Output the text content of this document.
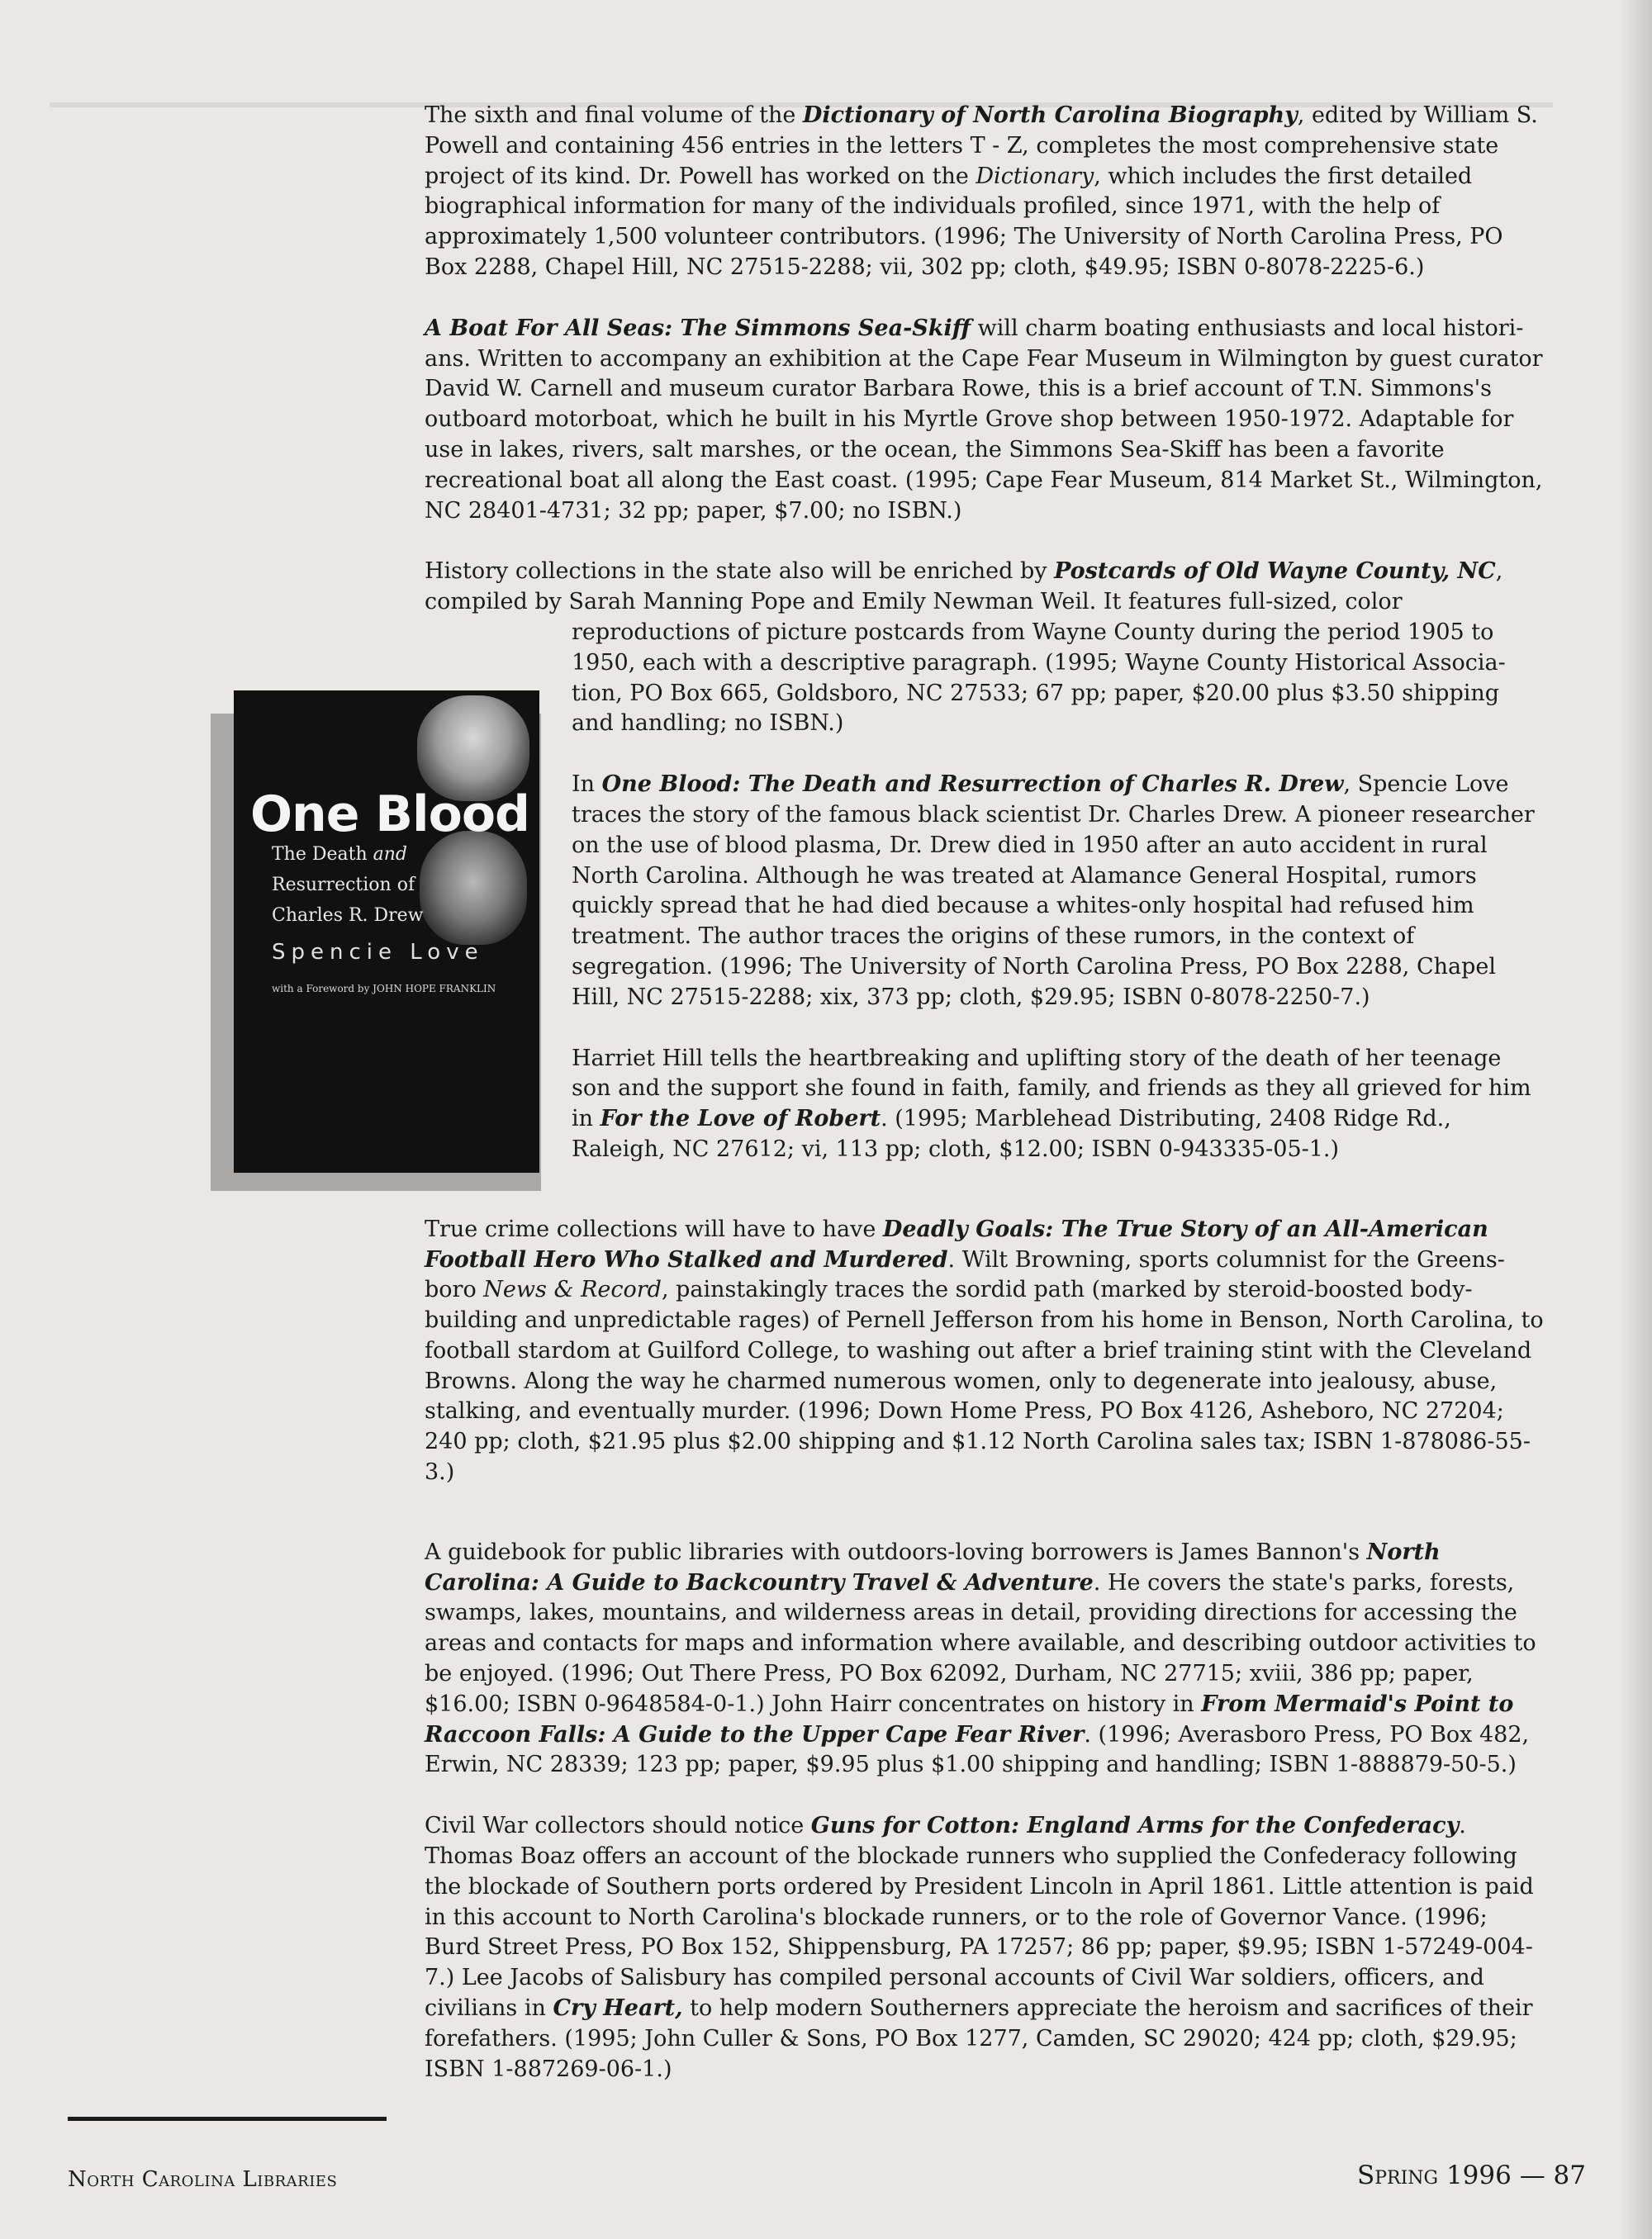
The sixth and final volume of the Dictionary of North Carolina Biography, edited by William S. Powell and containing 456 entries in the letters T - Z, completes the most comprehensive state project of its kind. Dr. Powell has worked on the Dictionary, which includes the first detailed biographical information for many of the individuals profiled, since 1971, with the help of approximately 1,500 volunteer contributors. (1996; The University of North Carolina Press, PO Box 2288, Chapel Hill, NC 27515-2288; vii, 302 pp; cloth, $49.95; ISBN 0-8078-2225-6.)

A Boat For All Seas: The Simmons Sea-Skiff will charm boating enthusiasts and local historians. Written to accompany an exhibition at the Cape Fear Museum in Wilmington by guest curator David W. Carnell and museum curator Barbara Rowe, this is a brief account of T.N. Simmons's outboard motorboat, which he built in his Myrtle Grove shop between 1950-1972. Adaptable for use in lakes, rivers, salt marshes, or the ocean, the Simmons Sea-Skiff has been a favorite recreational boat all along the East coast. (1995; Cape Fear Museum, 814 Market St., Wilmington, NC 28401-4731; 32 pp; paper, $7.00; no ISBN.)

History collections in the state also will be enriched by Postcards of Old Wayne County, NC, compiled by Sarah Manning Pope and Emily Newman Weil. It features full-sized, color
reproductions of picture postcards from Wayne County during the period 1905 to 1950, each with a descriptive paragraph. (1995; Wayne County Historical Association, PO Box 665, Goldsboro, NC 27533; 67 pp; paper, $20.00 plus $3.50 shipping and handling; no ISBN.)

In One Blood: The Death and Resurrection of Charles R. Drew, Spencie Love traces the story of the famous black scientist Dr. Charles Drew. A pioneer researcher on the use of blood plasma, Dr. Drew died in 1950 after an auto accident in rural North Carolina. Although he was treated at Alamance General Hospital, rumors quickly spread that he had died because a whites-only hospital had refused him treatment. The author traces the origins of these rumors, in the context of segregation. (1996; The University of North Carolina Press, PO Box 2288, Chapel Hill, NC 27515-2288; xix, 373 pp; cloth, $29.95; ISBN 0-8078-2250-7.)

Harriet Hill tells the heartbreaking and uplifting story of the death of her teenage son and the support she found in faith, family, and friends as they all grieved for him in For the Love of Robert. (1995; Marblehead Distributing, 2408 Ridge Rd., Raleigh, NC 27612; vi, 113 pp; cloth, $12.00; ISBN 0-943335-05-1.)

True crime collections will have to have Deadly Goals: The True Story of an All-American Football Hero Who Stalked and Murdered. Wilt Browning, sports columnist for the Greensboro News & Record, painstakingly traces the sordid path (marked by steroid-boosted bodybuilding and unpredictable rages) of Pernell Jefferson from his home in Benson, North Carolina, to football stardom at Guilford College, to washing out after a brief training stint with the Cleveland Browns. Along the way he charmed numerous women, only to degenerate into jealousy, abuse, stalking, and eventually murder. (1996; Down Home Press, PO Box 4126, Asheboro, NC 27204; 240 pp; cloth, $21.95 plus $2.00 shipping and $1.12 North Carolina sales tax; ISBN 1-878086-55-3.)

A guidebook for public libraries with outdoors-loving borrowers is James Bannon's North Carolina: A Guide to Backcountry Travel & Adventure. He covers the state's parks, forests, swamps, lakes, mountains, and wilderness areas in detail, providing directions for accessing the areas and contacts for maps and information where available, and describing outdoor activities to be enjoyed. (1996; Out There Press, PO Box 62092, Durham, NC 27715; xviii, 386 pp; paper, $16.00; ISBN 0-9648584-0-1.) John Hairr concentrates on history in From Mermaid's Point to Raccoon Falls: A Guide to the Upper Cape Fear River. (1996; Averasboro Press, PO Box 482, Erwin, NC 28339; 123 pp; paper, $9.95 plus $1.00 shipping and handling; ISBN 1-888879-50-5.)

Civil War collectors should notice Guns for Cotton: England Arms for the Confederacy. Thomas Boaz offers an account of the blockade runners who supplied the Confederacy following the blockade of Southern ports ordered by President Lincoln in April 1861. Little attention is paid in this account to North Carolina's blockade runners, or to the role of Governor Vance. (1996; Burd Street Press, PO Box 152, Shippensburg, PA 17257; 86 pp; paper, $9.95; ISBN 1-57249-004-7.) Lee Jacobs of Salisbury has compiled personal accounts of Civil War soldiers, officers, and civilians in Cry Heart, to help modern Southerners appreciate the heroism and sacrifices of their forefathers. (1995; John Culler & Sons, PO Box 1277, Camden, SC 29020; 424 pp; cloth, $29.95; ISBN 1-887269-06-1.)

One Blood
The Death and
Resurrection of
Charles R. Drew
Spencie Love
with a Foreword by JOHN HOPE FRANKLIN
North Carolina Libraries	Spring 1996 — 87
